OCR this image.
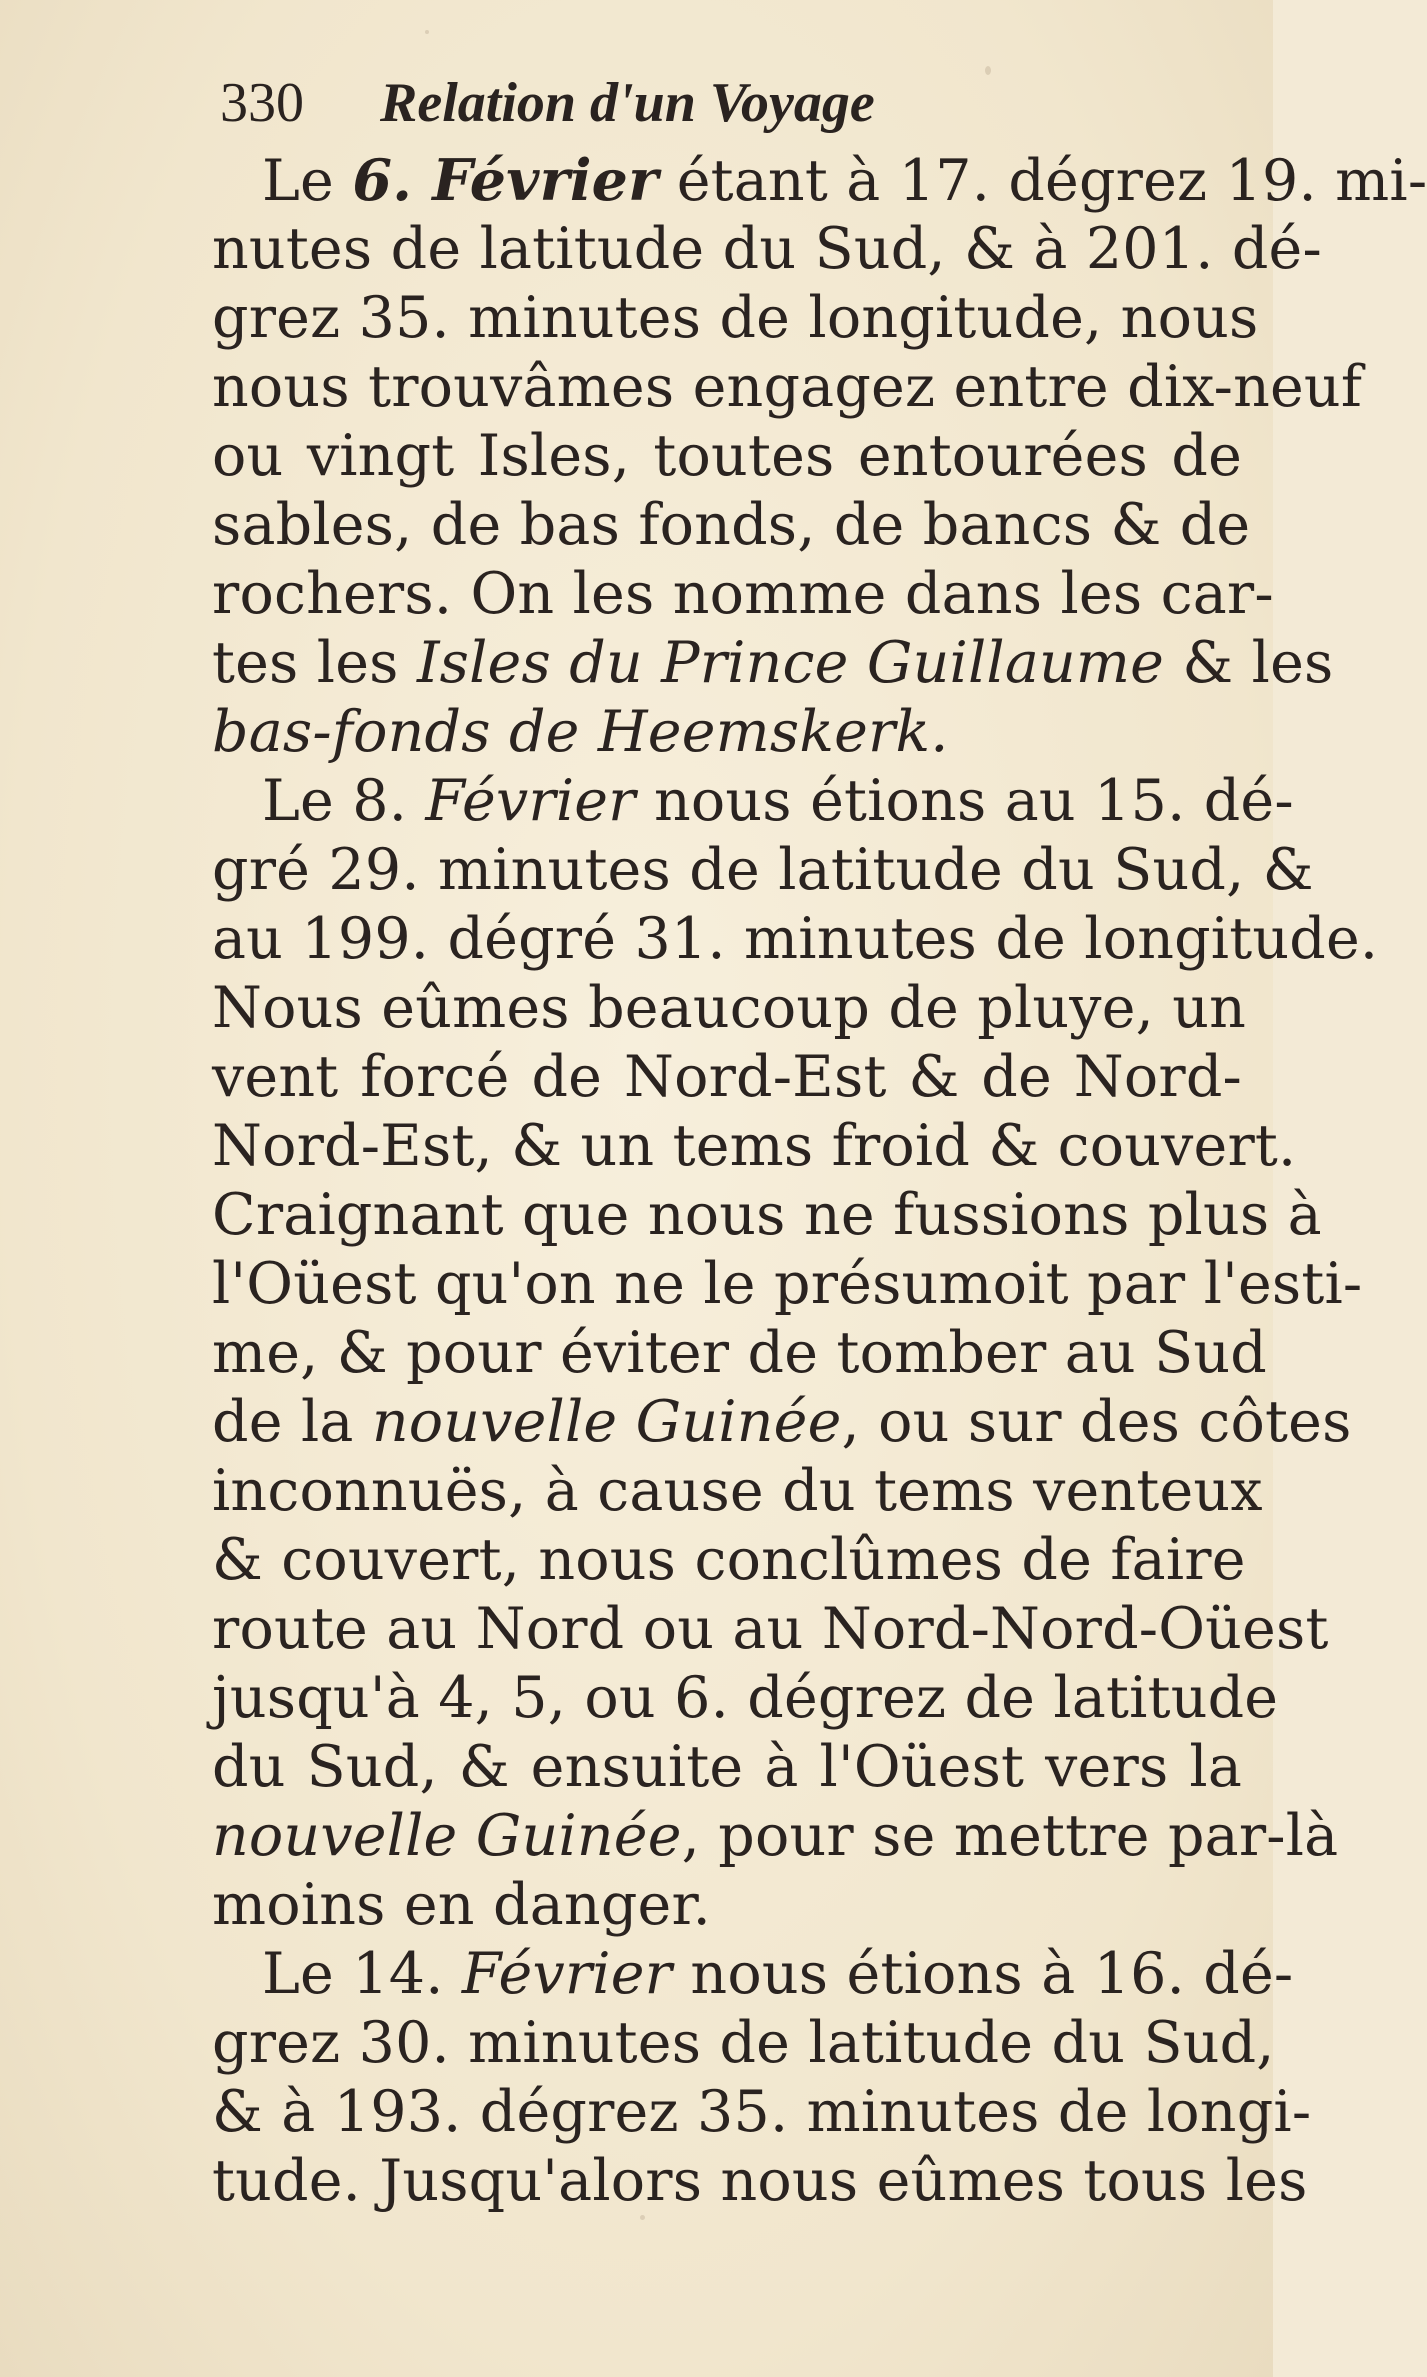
330 Relation d'un Voyage
Le 6. Février étant à 17. dégrez 19. mi-
nutes de latitude du Sud, & à 201. dé-
grez 35. minutes de longitude, nous
nous trouvâmes engagez entre dix-neuf
ou vingt Isles, toutes entourées de
sables, de bas fonds, de bancs & de
rochers. On les nomme dans les car-
tes les Isles du Prince Guillaume & les
bas-fonds de Heemskerk.
Le 8. Février nous étions au 15. dé-
gré 29. minutes de latitude du Sud, &
au 199. dégré 31. minutes de longitude.
Nous eûmes beaucoup de pluye, un
vent forcé de Nord-Est & de Nord-
Nord-Est, & un tems froid & couvert.
Craignant que nous ne fussions plus à
l'Oüest qu'on ne le présumoit par l'esti-
me, & pour éviter de tomber au Sud
de la nouvelle Guinée, ou sur des côtes
inconnuës, à cause du tems venteux
& couvert, nous conclûmes de faire
route au Nord ou au Nord-Nord-Oüest
jusqu'à 4, 5, ou 6. dégrez de latitude
du Sud, & ensuite à l'Oüest vers la
nouvelle Guinée, pour se mettre par-là
moins en danger.
Le 14. Février nous étions à 16. dé-
grez 30. minutes de latitude du Sud,
& à 193. dégrez 35. minutes de longi-
tude. Jusqu'alors nous eûmes tous les
